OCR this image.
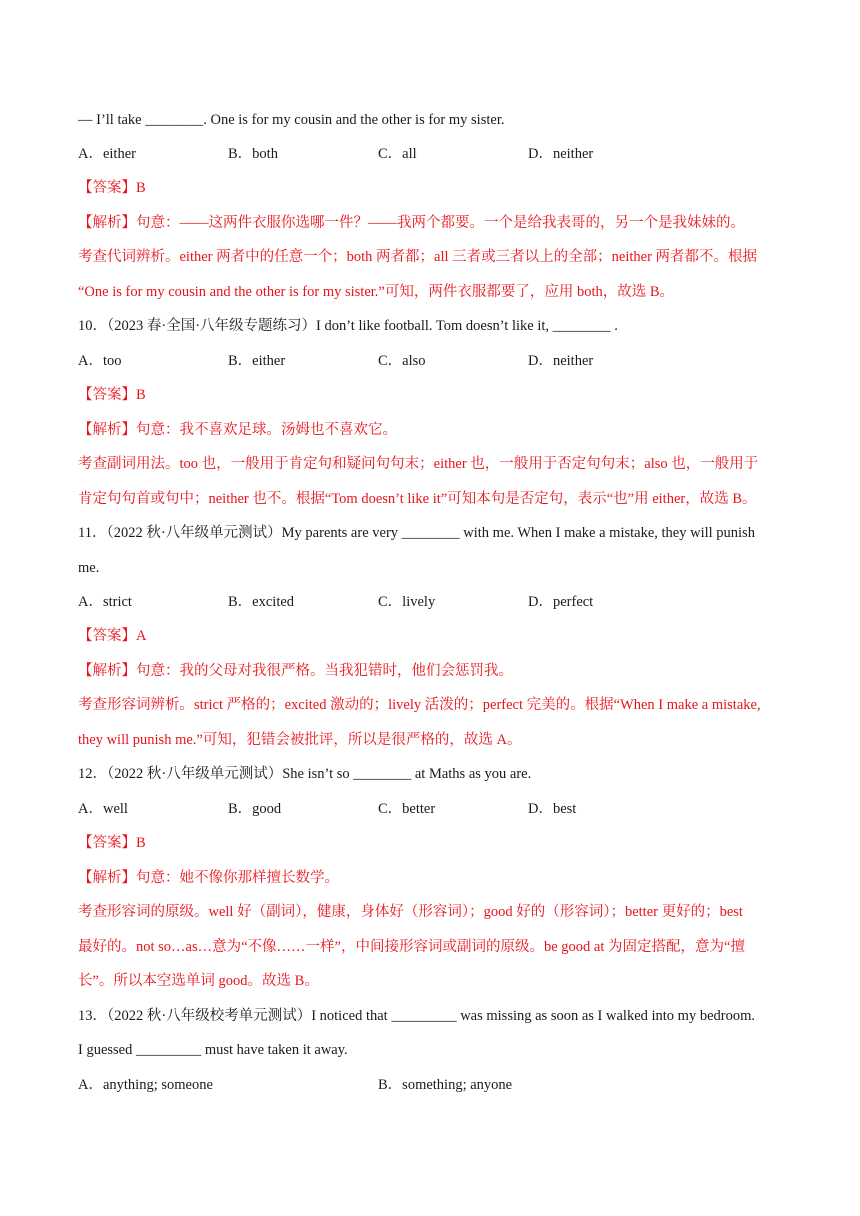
— I’ll take ________. One is for my cousin and the other is for my sister.
A．either	B．both	C．all	D．neither
【答案】B
【解析】句意：——这两件衣服你选哪一件？——我两个都要。一个是给我表哥的，另一个是我妹妹的。
考查代词辨析。either 两者中的任意一个；both 两者都；all 三者或三者以上的全部；neither 两者都不。根据
“One is for my cousin and the other is for my sister.”可知，两件衣服都要了，应用 both，故选 B。
10．（2023 春·全国·八年级专题练习）I don’t like football. Tom doesn’t like it, ________ .
A．too	B．either	C．also	D．neither
【答案】B
【解析】句意：我不喜欢足球。汤姆也不喜欢它。
考查副词用法。too 也，一般用于肯定句和疑问句句末；either 也，一般用于否定句句末；also 也，一般用于
肯定句句首或句中；neither 也不。根据“Tom doesn’t like it”可知本句是否定句，表示“也”用 either，故选 B。
11．（2022 秋·八年级单元测试）My parents are very ________ with me. When I make a mistake, they will punish
me.
A．strict	B．excited	C．lively	D．perfect
【答案】A
【解析】句意：我的父母对我很严格。当我犯错时，他们会惩罚我。
考查形容词辨析。strict 严格的；excited 激动的；lively 活泼的；perfect 完美的。根据“When I make a mistake,
they will punish me.”可知，犯错会被批评，所以是很严格的，故选 A。
12．（2022 秋·八年级单元测试）She isn’t so ________ at Maths as you are.
A．well	B．good	C．better	D．best
【答案】B
【解析】句意：她不像你那样擅长数学。
考查形容词的原级。well 好（副词），健康，身体好（形容词）；good 好的（形容词）；better 更好的；best
最好的。not so…as…意为“不像……一样”，中间接形容词或副词的原级。be good at 为固定搭配，意为“擅
长”。所以本空选单词 good。故选 B。
13．（2022 秋·八年级校考单元测试）I noticed that _________ was missing as soon as I walked into my bedroom.
I guessed _________ must have taken it away.
A．anything; someone	B．something; anyone
